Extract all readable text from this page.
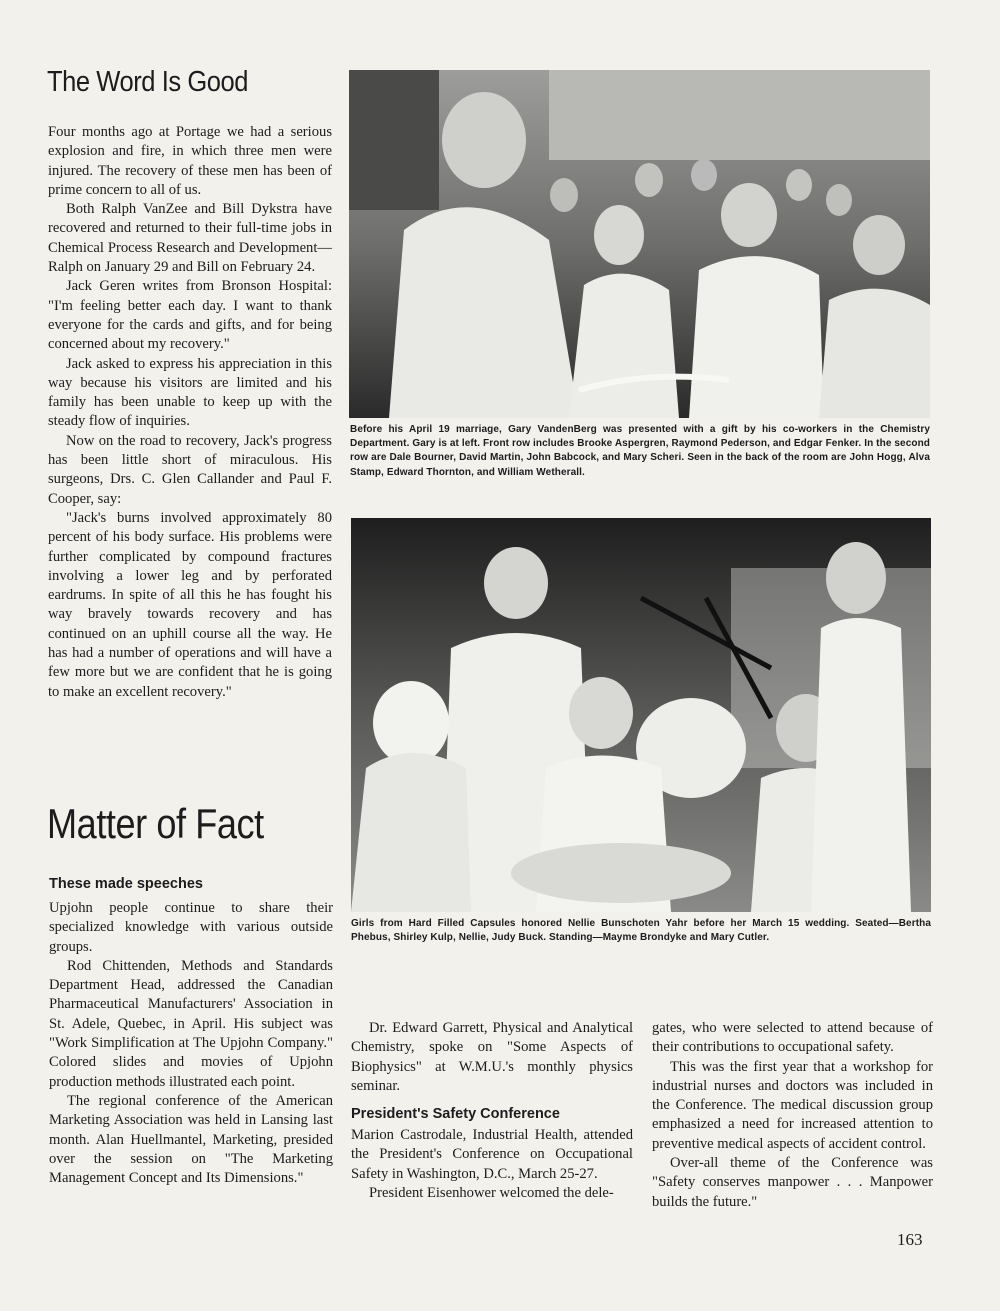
The Word Is Good

Four months ago at Portage we had a serious explosion and fire, in which three men were injured. The recovery of these men has been of prime concern to all of us.

Both Ralph VanZee and Bill Dykstra have recovered and returned to their full-time jobs in Chemical Process Research and Development—Ralph on January 29 and Bill on February 24.

Jack Geren writes from Bronson Hospital: "I'm feeling better each day. I want to thank everyone for the cards and gifts, and for being concerned about my recovery."

Jack asked to express his appreciation in this way because his visitors are limited and his family has been unable to keep up with the steady flow of inquiries.

Now on the road to recovery, Jack's progress has been little short of miraculous. His surgeons, Drs. C. Glen Callander and Paul F. Cooper, say:

"Jack's burns involved approximately 80 percent of his body surface. His problems were further complicated by compound fractures involving a lower leg and by perforated eardrums. In spite of all this he has fought his way bravely towards recovery and has continued on an uphill course all the way. He has had a number of operations and will have a few more but we are confident that he is going to make an excellent recovery."

Before his April 19 marriage, Gary VandenBerg was presented with a gift by his co-workers in the Chemistry Department. Gary is at left. Front row includes Brooke Aspergren, Raymond Pederson, and Edgar Fenker. In the second row are Dale Bourner, David Martin, John Babcock, and Mary Scheri. Seen in the back of the room are John Hogg, Alva Stamp, Edward Thornton, and William Wetherall.
Girls from Hard Filled Capsules honored Nellie Bunschoten Yahr before her March 15 wedding. Seated—Bertha Phebus, Shirley Kulp, Nellie, Judy Buck. Standing—Mayme Brondyke and Mary Cutler.
Matter of Fact
These made speeches

Upjohn people continue to share their specialized knowledge with various outside groups.

Rod Chittenden, Methods and Standards Department Head, addressed the Canadian Pharmaceutical Manufacturers' Association in St. Adele, Quebec, in April. His subject was "Work Simplification at The Upjohn Company." Colored slides and movies of Upjohn production methods illustrated each point.

The regional conference of the American Marketing Association was held in Lansing last month. Alan Huellmantel, Marketing, presided over the session on "The Marketing Management Concept and Its Dimensions."

Dr. Edward Garrett, Physical and Analytical Chemistry, spoke on "Some Aspects of Biophysics" at W.M.U.'s monthly physics seminar.

President's Safety Conference

Marion Castrodale, Industrial Health, attended the President's Conference on Occupational Safety in Washington, D.C., March 25-27.

President Eisenhower welcomed the dele-

gates, who were selected to attend because of their contributions to occupational safety.

This was the first year that a workshop for industrial nurses and doctors was included in the Conference. The medical discussion group emphasized a need for increased attention to preventive medical aspects of accident control.

Over-all theme of the Conference was "Safety conserves manpower . . . Manpower builds the future."

163
